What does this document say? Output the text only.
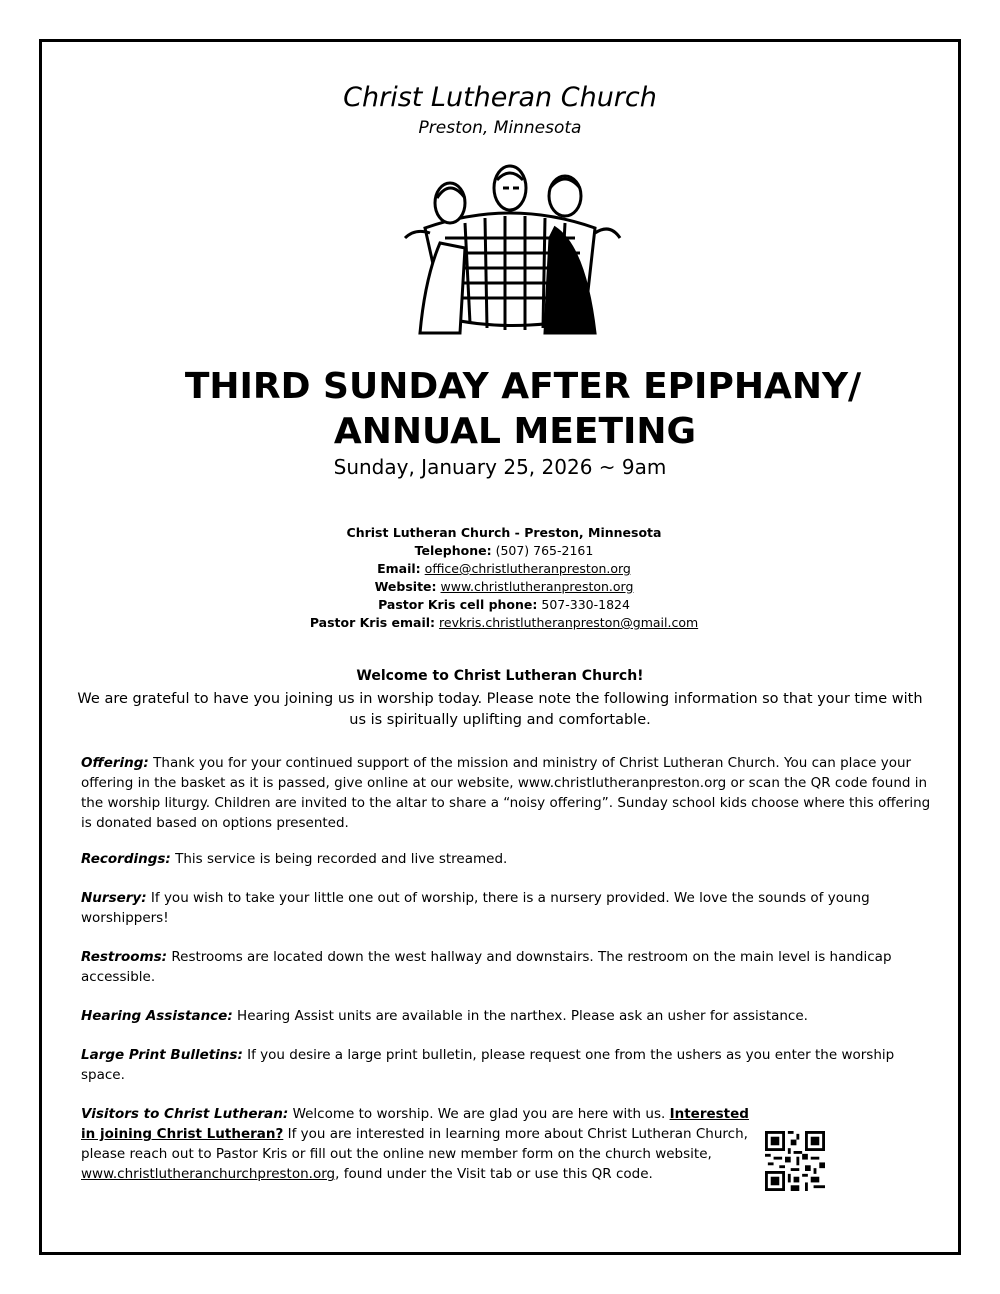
Christ Lutheran Church
Preston, Minnesota
THIRD SUNDAY AFTER EPIPHANY/
ANNUAL MEETING
Sunday, January 25, 2026 ~ 9am
Christ Lutheran Church - Preston, Minnesota
Telephone: (507) 765-2161
Email: office@christlutheranpreston.org
Website: www.christlutheranpreston.org
Pastor Kris cell phone: 507-330-1824
Pastor Kris email: revkris.christlutheranpreston@gmail.com
Welcome to Christ Lutheran Church!
We are grateful to have you joining us in worship today. Please note the following information so that your time with us is spiritually uplifting and comfortable.
Offering: Thank you for your continued support of the mission and ministry of Christ Lutheran Church. You can place your offering in the basket as it is passed, give online at our website, www.christlutheranpreston.org or scan the QR code found in the worship liturgy. Children are invited to the altar to share a “noisy offering”. Sunday school kids choose where this offering is donated based on options presented.
Recordings: This service is being recorded and live streamed.
Nursery: If you wish to take your little one out of worship, there is a nursery provided. We love the sounds of young worshippers!
Restrooms: Restrooms are located down the west hallway and downstairs. The restroom on the main level is handicap accessible.
Hearing Assistance: Hearing Assist units are available in the narthex. Please ask an usher for assistance.
Large Print Bulletins: If you desire a large print bulletin, please request one from the ushers as you enter the worship space.
Visitors to Christ Lutheran: Welcome to worship. We are glad you are here with us. Interested in joining Christ Lutheran? If you are interested in learning more about Christ Lutheran Church, please reach out to Pastor Kris or fill out the online new member form on the church website, www.christlutheranchurchpreston.org, found under the Visit tab or use this QR code.
